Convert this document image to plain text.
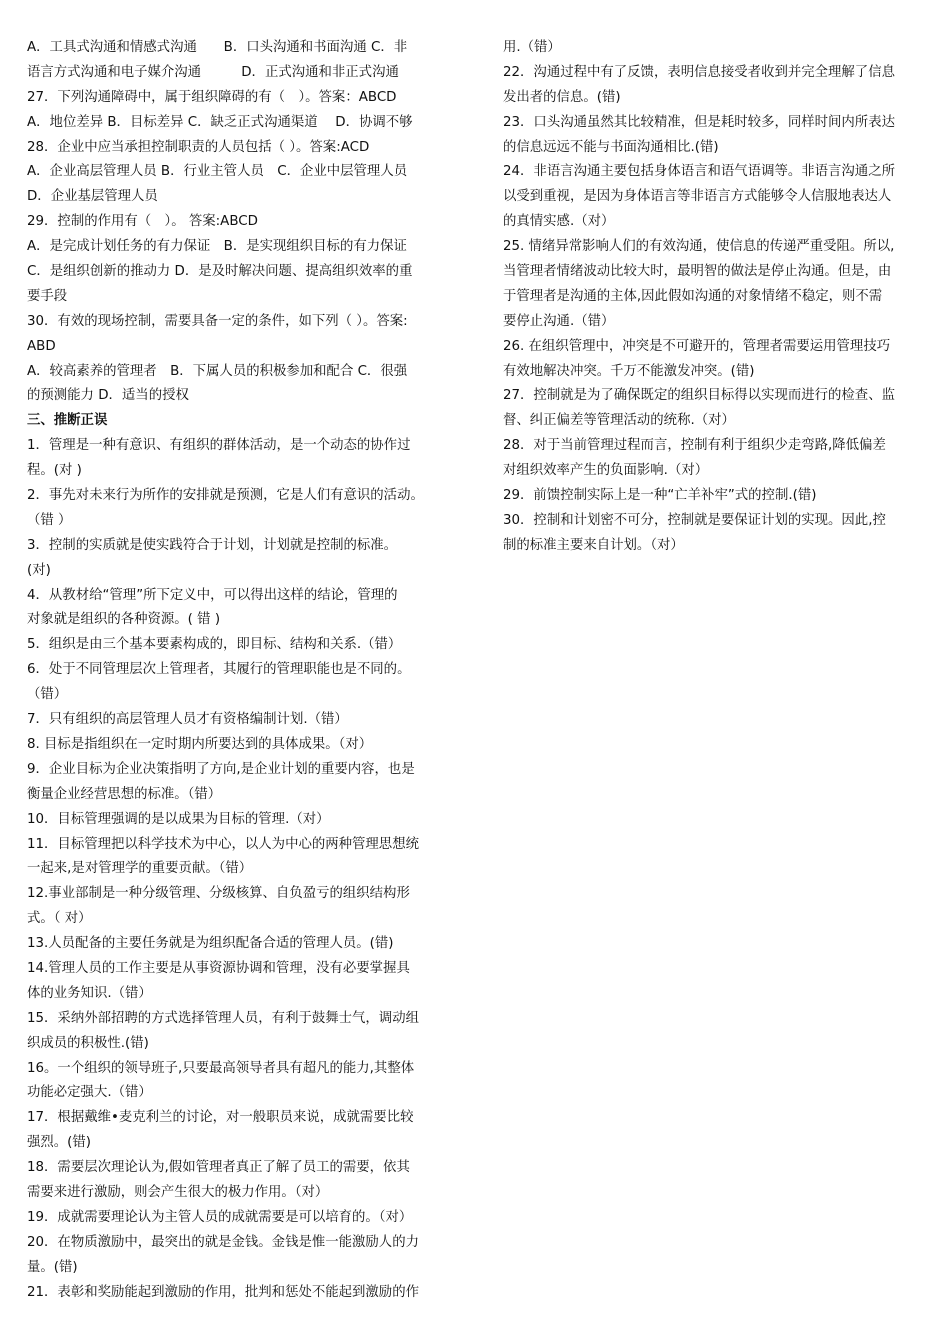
A．工具式沟通和情感式沟通　　B．口头沟通和书面沟通 C．非
语言方式沟通和电子媒介沟通　　　D．正式沟通和非正式沟通
27．下列沟通障碍中，属于组织障碍的有（　）。答案：ABCD
A．地位差异 B．目标差异 C．缺乏正式沟通渠道　 D．协调不够
28．企业中应当承担控制职责的人员包括（ ）。答案:ACD
A．企业高层管理人员 B．行业主管人员　C．企业中层管理人员
D．企业基层管理人员
29．控制的作用有（　）。 答案:ABCD
A．是完成计划任务的有力保证　B．是实现组织目标的有力保证
C．是组织创新的推动力 D．是及时解决问题、提高组织效率的重
要手段
30．有效的现场控制，需要具备一定的条件，如下列（ ）。答案:
ABD
A．较高素养的管理者　B．下属人员的积极参加和配合 C．很强
的预测能力 D．适当的授权
三、推断正误
1．管理是一种有意识、有组织的群体活动，是一个动态的协作过
程。(对 )
2．事先对未来行为所作的安排就是预测，它是人们有意识的活动。
（错 ）
3．控制的实质就是使实践符合于计划，计划就是控制的标准。
(对)
4．从教材给“管理”所下定义中，可以得出这样的结论，管理的
对象就是组织的各种资源。( 错 )
5．组织是由三个基本要素构成的，即目标、结构和关系.（错）
6．处于不同管理层次上管理者，其履行的管理职能也是不同的。
（错）
7．只有组织的高层管理人员才有资格编制计划.（错）
8. 目标是指组织在一定时期内所要达到的具体成果。（对）
9．企业目标为企业决策指明了方向,是企业计划的重要内容，也是
衡量企业经营思想的标准。（错）
10．目标管理强调的是以成果为目标的管理.（对）
11．目标管理把以科学技术为中心，以人为中心的两种管理思想统
一起来,是对管理学的重要贡献。（错）
12.事业部制是一种分级管理、分级核算、自负盈亏的组织结构形
式。（ 对）
13.人员配备的主要任务就是为组织配备合适的管理人员。(错)
14.管理人员的工作主要是从事资源协调和管理，没有必要掌握具
体的业务知识.（错）
15．采纳外部招聘的方式选择管理人员，有利于鼓舞士气，调动组
织成员的积极性.(错)
16。一个组织的领导班子,只要最高领导者具有超凡的能力,其整体
功能必定强大.（错）
17．根据戴维•麦克利兰的讨论，对一般职员来说，成就需要比较
强烈。(错)
18．需要层次理论认为,假如管理者真正了解了员工的需要，依其
需要来进行激励，则会产生很大的极力作用。（对）
19．成就需要理论认为主管人员的成就需要是可以培育的。（对）
20．在物质激励中，最突出的就是金钱。金钱是惟一能激励人的力
量。(错)
21．表彰和奖励能起到激励的作用，批判和惩处不能起到激励的作
用.（错）
22．沟通过程中有了反馈，表明信息接受者收到并完全理解了信息
发出者的信息。(错)
23．口头沟通虽然其比较精准，但是耗时较多，同样时间内所表达
的信息远远不能与书面沟通相比.(错)
24．非语言沟通主要包括身体语言和语气语调等。非语言沟通之所
以受到重视，是因为身体语言等非语言方式能够令人信服地表达人
的真情实感.（对）
25. 情绪异常影响人们的有效沟通，使信息的传递严重受阻。所以,
当管理者情绪波动比较大时，最明智的做法是停止沟通。但是，由
于管理者是沟通的主体,因此假如沟通的对象情绪不稳定，则不需
要停止沟通.（错）
26. 在组织管理中，冲突是不可避开的，管理者需要运用管理技巧
有效地解决冲突。千万不能激发冲突。(错)
27．控制就是为了确保既定的组织目标得以实现而进行的检查、监
督、纠正偏差等管理活动的统称.（对）
28．对于当前管理过程而言，控制有利于组织少走弯路,降低偏差
对组织效率产生的负面影响.（对）
29．前馈控制实际上是一种“亡羊补牢”式的控制.(错)
30．控制和计划密不可分，控制就是要保证计划的实现。因此,控
制的标准主要来自计划。（对）
